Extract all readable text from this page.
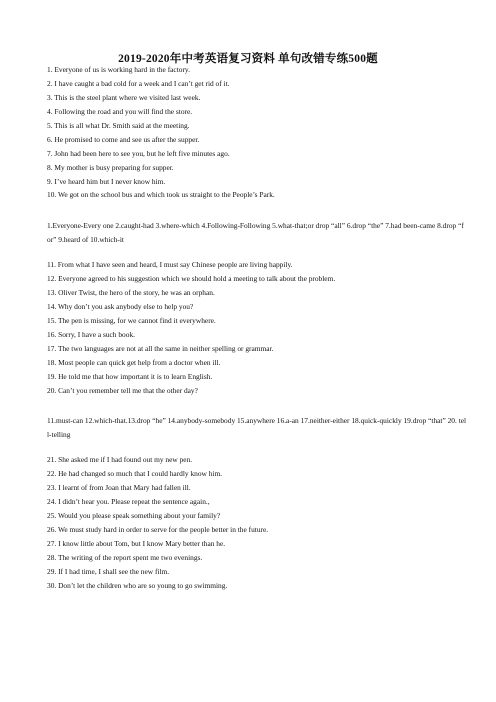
2019-2020年中考英语复习资料 单句改错专练500题
1. Everyone of us is working hard in the factory.
2. I have caught a bad cold for a week and I can’t get rid of it.
3. This is the steel plant where we visited last week.
4. Following the road and you will find the store.
5. This is all what Dr. Smith said at the meeting.
6. He promised to come and see us after the supper.
7. John had been here to see you, but he left five minutes ago.
8. My mother is busy preparing for supper.
9. I’ve heard him but I never know him.
10. We got on the school bus and which took us straight to the People’s Park.
1.Everyone-Every one 2.caught-had 3.where-which 4.Following-Following 5.what-that;or drop “all” 6.drop “the” 7.had been-came 8.drop “for” 9.heard of 10.which-it
11. From what I have seen and heard, I must say Chinese people are living happily.
12. Everyone agreed to his suggestion which we should hold a meeting to talk about the problem.
13. Oliver Twist, the hero of the story, he was an orphan.
14. Why don’t you ask anybody else to help you?
15. The pen is missing, for we cannot find it everywhere.
16. Sorry, I have a such book.
17. The two languages are not at all the same in neither spelling or grammar.
18. Most people can quick get help from a doctor when ill.
19. He told me that how important it is to learn English.
20. Can’t you remember tell me that the other day?
11.must-can 12.which-that.13.drop “he” 14.anybody-somebody 15.anywhere 16.a-an 17.neither-either 18.quick-quickly 19.drop “that” 20. tell-telling
21. She asked me if I had found out my new pen.
22. He had changed so much that I could hardly know him.
23. I learnt of from Joan that Mary had fallen ill.
24. I didn’t hear you. Please repeat the sentence again.,
25. Would you please speak something about your family?
26. We must study hard in order to serve for the people better in the future.
27. I know little about Tom, but I know Mary better than he.
28. The writing of the report spent me two evenings.
29. If I had time, I shall see the new film.
30. Don’t let the children who are so young to go swimming.
